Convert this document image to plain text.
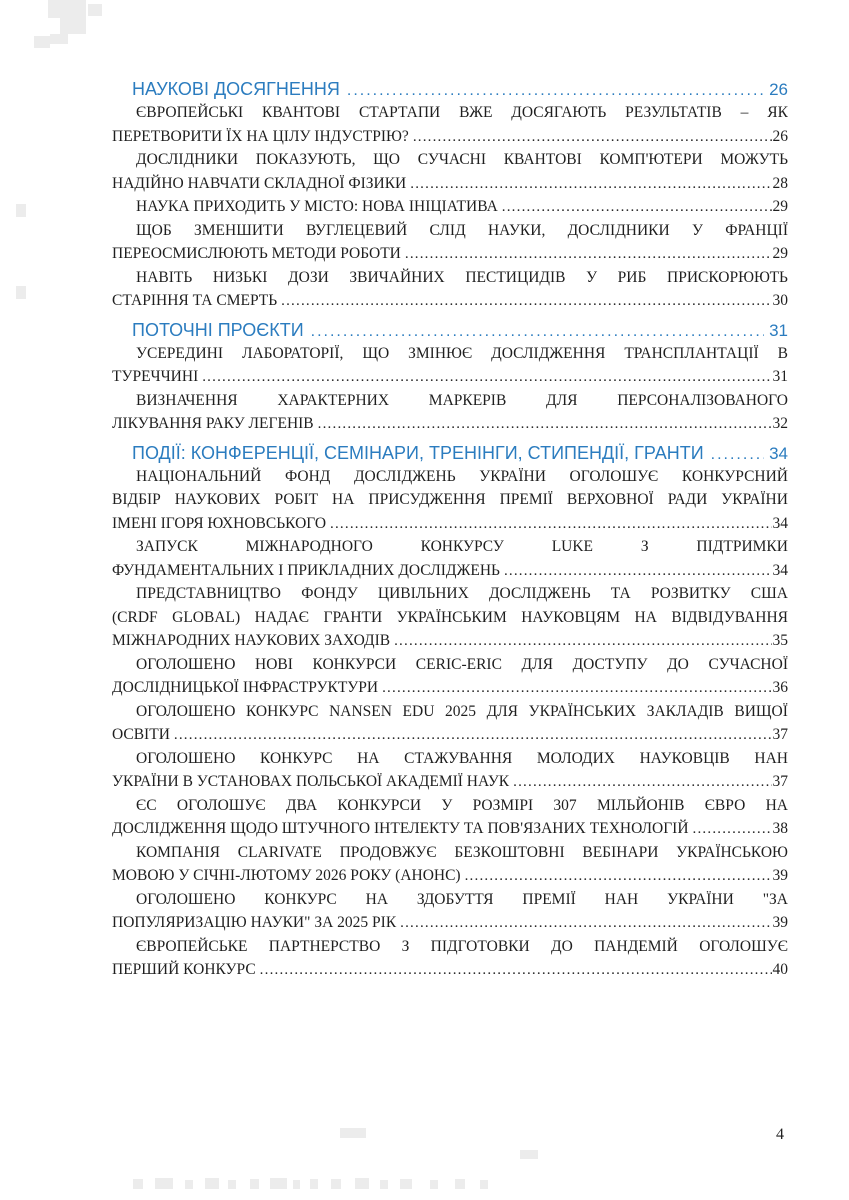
НАУКОВІ ДОСЯГНЕННЯ .....	26
ЄВРОПЕЙСЬКІ КВАНТОВІ СТАРТАПИ ВЖЕ ДОСЯГАЮТЬ РЕЗУЛЬТАТІВ – ЯК
ПЕРЕТВОРИТИ ЇХ НА ЦІЛУ ІНДУСТРІЮ? .....	26
ДОСЛІДНИКИ ПОКАЗУЮТЬ, ЩО СУЧАСНІ КВАНТОВІ КОМП'ЮТЕРИ МОЖУТЬ
НАДІЙНО НАВЧАТИ СКЛАДНОЇ ФІЗИКИ .....	28
НАУКА ПРИХОДИТЬ У МІСТО: НОВА ІНІЦІАТИВА .....	29
ЩОБ ЗМЕНШИТИ ВУГЛЕЦЕВИЙ СЛІД НАУКИ, ДОСЛІДНИКИ У ФРАНЦІЇ
ПЕРЕОСМИСЛЮЮТЬ МЕТОДИ РОБОТИ .....	29
НАВІТЬ НИЗЬКІ ДОЗИ ЗВИЧАЙНИХ ПЕСТИЦИДІВ У РИБ ПРИСКОРЮЮТЬ
СТАРІННЯ ТА СМЕРТЬ .....	30
ПОТОЧНІ ПРОЄКТИ .....	31
УСЕРЕДИНІ ЛАБОРАТОРІЇ, ЩО ЗМІНЮЄ ДОСЛІДЖЕННЯ ТРАНСПЛАНТАЦІЇ В
ТУРЕЧЧИНІ .....	31
ВИЗНАЧЕННЯ	ХАРАКТЕРНИХ	МАРКЕРІВ	ДЛЯ	ПЕРСОНАЛІЗОВАНОГО
ЛІКУВАННЯ РАКУ ЛЕГЕНІВ .....	32
ПОДІЇ: КОНФЕРЕНЦІЇ, СЕМІНАРИ, ТРЕНІНГИ, СТИПЕНДІЇ, ГРАНТИ .....	34
НАЦІОНАЛЬНИЙ ФОНД ДОСЛІДЖЕНЬ УКРАЇНИ ОГОЛОШУЄ КОНКУРСНИЙ
ВІДБІР НАУКОВИХ РОБІТ НА ПРИСУДЖЕННЯ ПРЕМІЇ ВЕРХОВНОЇ РАДИ УКРАЇНИ
ІМЕНІ ІГОРЯ ЮХНОВСЬКОГО .....	34
ЗАПУСК	МІЖНАРОДНОГО	КОНКУРСУ	LUKE	З	ПІДТРИМКИ
ФУНДАМЕНТАЛЬНИХ І ПРИКЛАДНИХ ДОСЛІДЖЕНЬ .....	34
ПРЕДСТАВНИЦТВО ФОНДУ ЦИВІЛЬНИХ ДОСЛІДЖЕНЬ ТА РОЗВИТКУ США
(CRDF GLOBAL) НАДАЄ ГРАНТИ УКРАЇНСЬКИМ НАУКОВЦЯМ НА ВІДВІДУВАННЯ
МІЖНАРОДНИХ НАУКОВИХ ЗАХОДІВ .....	35
ОГОЛОШЕНО НОВІ КОНКУРСИ CERIC-ERIC ДЛЯ ДОСТУПУ ДО СУЧАСНОЇ
ДОСЛІДНИЦЬКОЇ ІНФРАСТРУКТУРИ .....	36
ОГОЛОШЕНО КОНКУРС NANSEN EDU 2025 ДЛЯ УКРАЇНСЬКИХ ЗАКЛАДІВ ВИЩОЇ
ОСВІТИ .....	37
ОГОЛОШЕНО КОНКУРС НА СТАЖУВАННЯ МОЛОДИХ НАУКОВЦІВ НАН
УКРАЇНИ В УСТАНОВАХ ПОЛЬСЬКОЇ АКАДЕМІЇ НАУК .....	37
ЄС ОГОЛОШУЄ ДВА КОНКУРСИ У РОЗМІРІ 307 МІЛЬЙОНІВ ЄВРО НА
ДОСЛІДЖЕННЯ ЩОДО ШТУЧНОГО ІНТЕЛЕКТУ ТА ПОВ'ЯЗАНИХ ТЕХНОЛОГІЙ .....	38
КОМПАНІЯ CLARIVATE ПРОДОВЖУЄ БЕЗКОШТОВНІ ВЕБІНАРИ УКРАЇНСЬКОЮ
МОВОЮ У СІЧНІ-ЛЮТОМУ 2026 РОКУ (АНОНС) .....	39
ОГОЛОШЕНО КОНКУРС НА ЗДОБУТТЯ ПРЕМІЇ НАН УКРАЇНИ "ЗА
ПОПУЛЯРИЗАЦІЮ НАУКИ" ЗА 2025 РІК .....	39
ЄВРОПЕЙСЬКЕ ПАРТНЕРСТВО З ПІДГОТОВКИ ДО ПАНДЕМІЙ ОГОЛОШУЄ
ПЕРШИЙ КОНКУРС .....	40
4
